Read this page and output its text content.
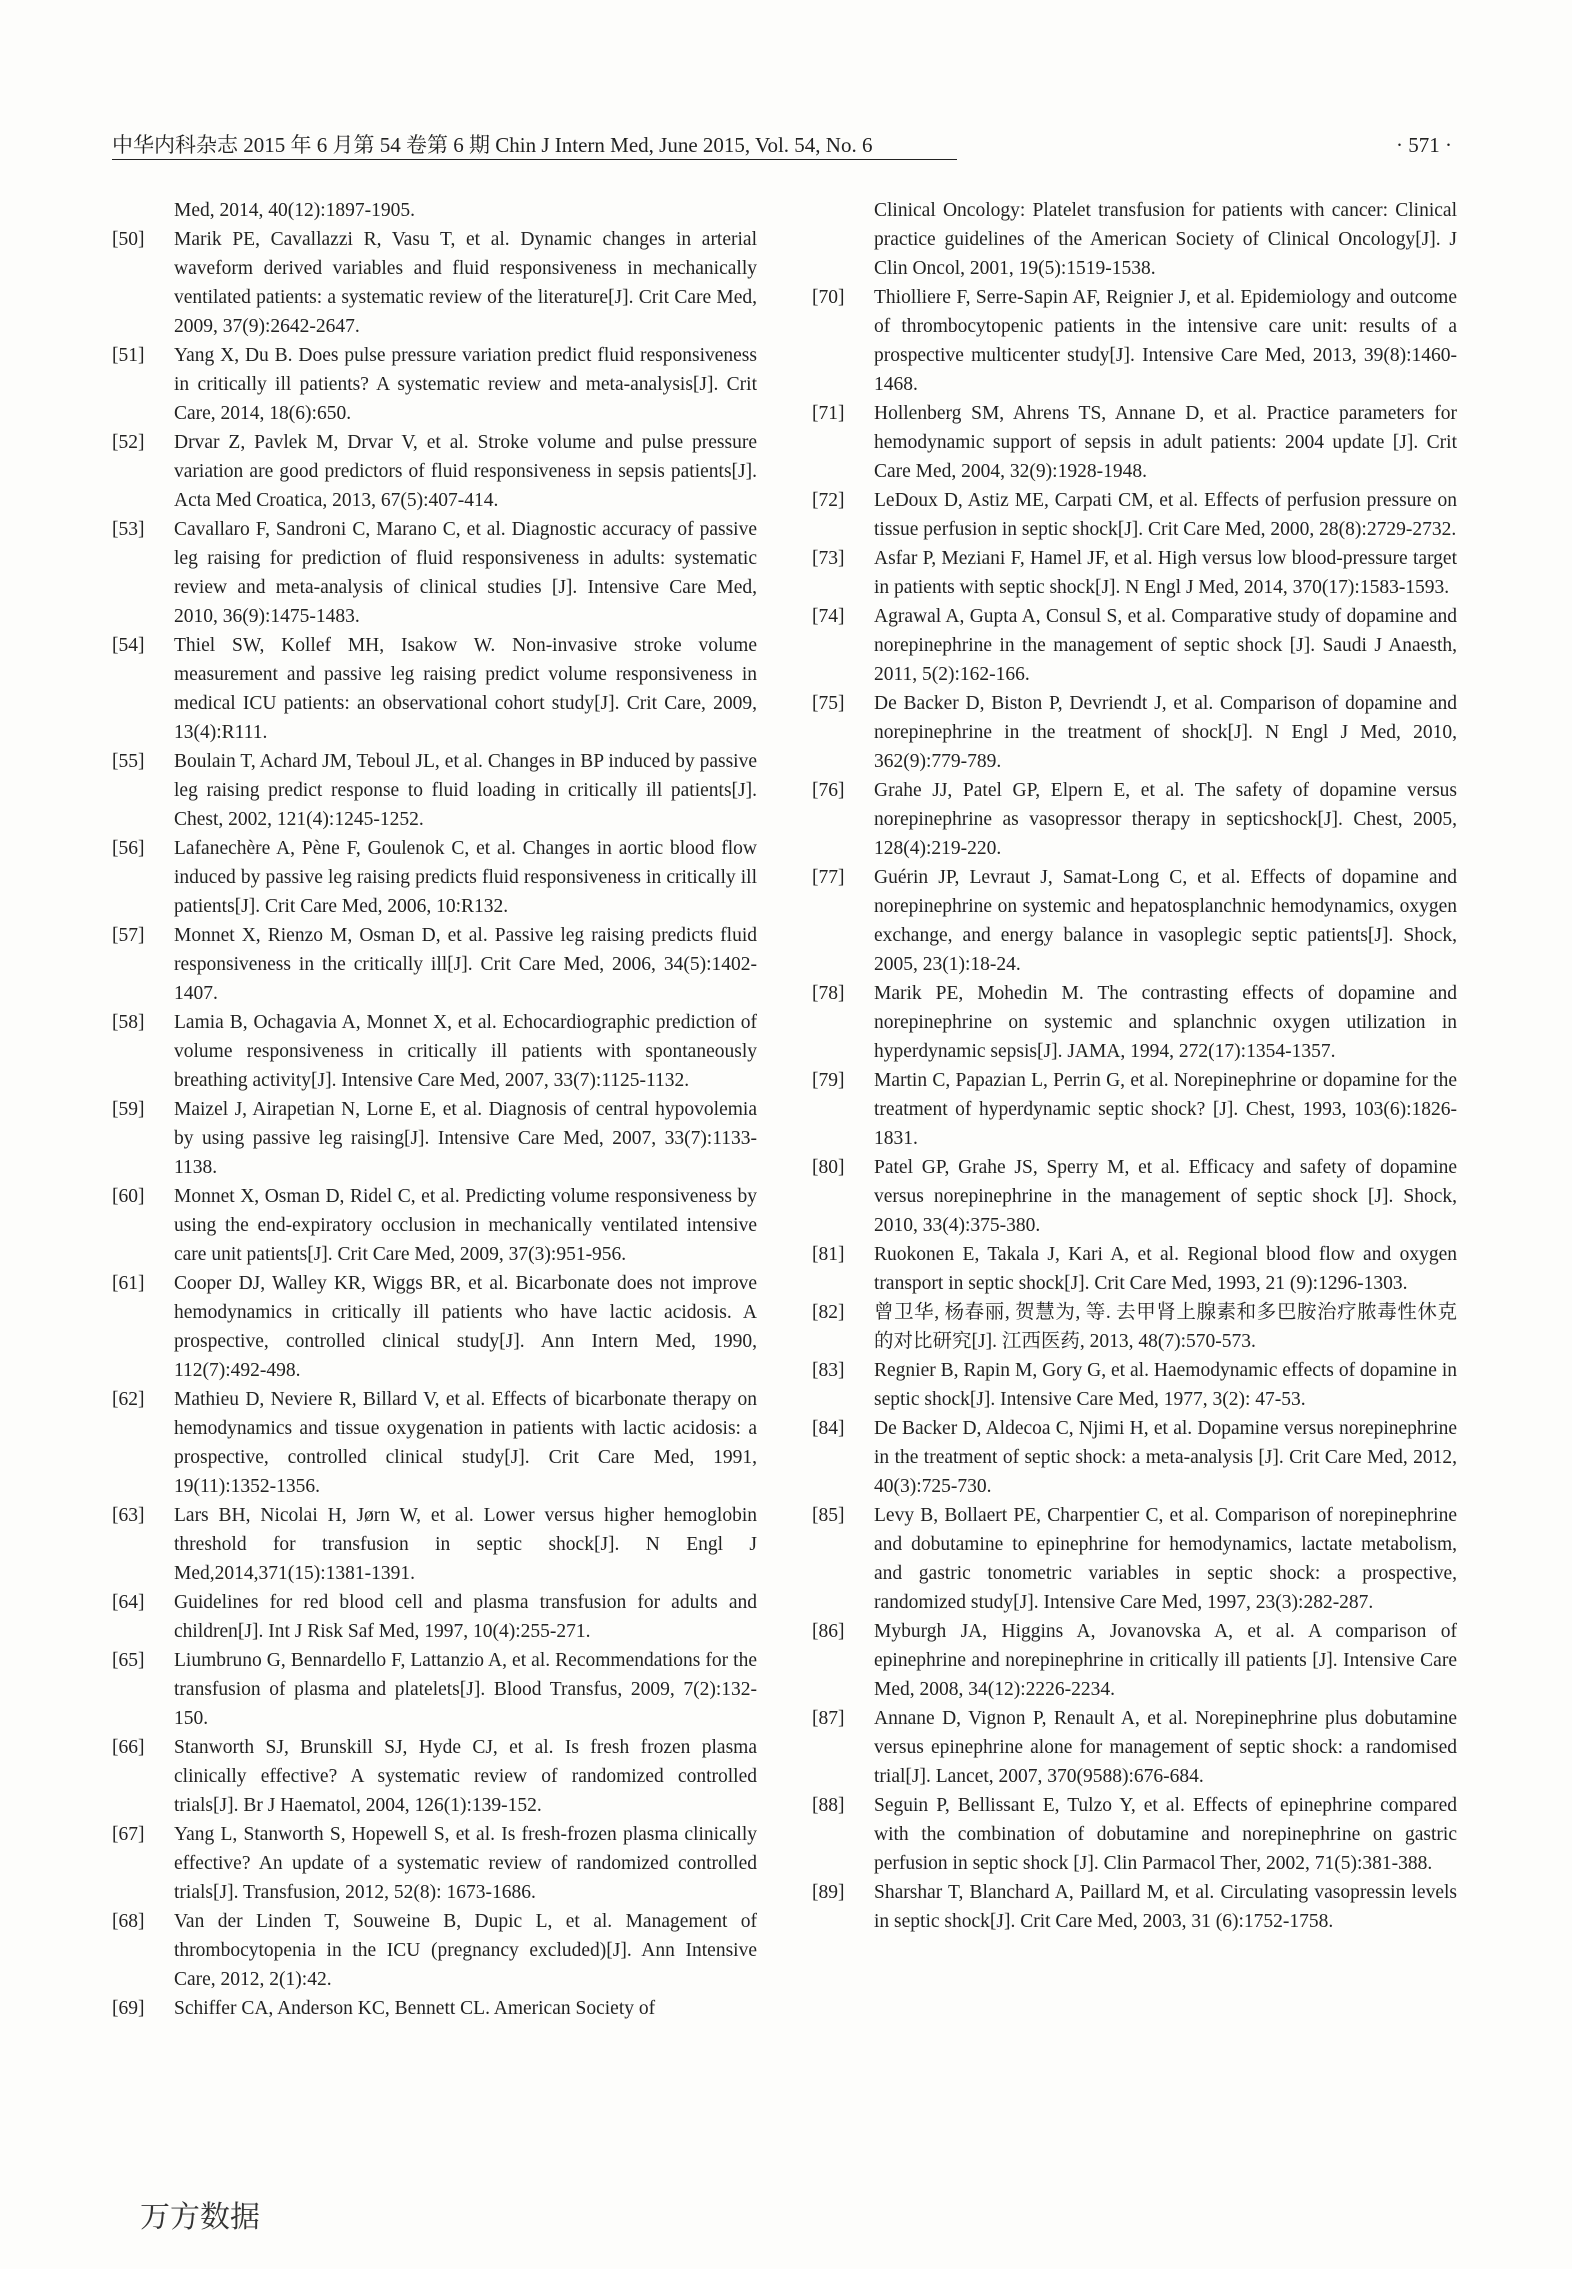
中华内科杂志 2015 年 6 月第 54 卷第 6 期 Chin J Intern Med, June 2015, Vol. 54, No. 6	· 571 ·
Med, 2014, 40(12):1897-1905.
[50]	Marik PE, Cavallazzi R, Vasu T, et al. Dynamic changes in arterial waveform derived variables and fluid responsiveness in mechanically ventilated patients: a systematic review of the literature[J]. Crit Care Med, 2009, 37(9):2642-2647.
[51]	Yang X, Du B. Does pulse pressure variation predict fluid responsiveness in critically ill patients? A systematic review and meta-analysis[J]. Crit Care, 2014, 18(6):650.
[52]	Drvar Z, Pavlek M, Drvar V, et al. Stroke volume and pulse pressure variation are good predictors of fluid responsiveness in sepsis patients[J]. Acta Med Croatica, 2013, 67(5):407-414.
[53]	Cavallaro F, Sandroni C, Marano C, et al. Diagnostic accuracy of passive leg raising for prediction of fluid responsiveness in adults: systematic review and meta-analysis of clinical studies [J]. Intensive Care Med, 2010, 36(9):1475-1483.
[54]	Thiel SW, Kollef MH, Isakow W. Non-invasive stroke volume measurement and passive leg raising predict volume responsiveness in medical ICU patients: an observational cohort study[J]. Crit Care, 2009, 13(4):R111.
[55]	Boulain T, Achard JM, Teboul JL, et al. Changes in BP induced by passive leg raising predict response to fluid loading in critically ill patients[J]. Chest, 2002, 121(4):1245-1252.
[56]	Lafanechère A, Pène F, Goulenok C, et al. Changes in aortic blood flow induced by passive leg raising predicts fluid responsiveness in critically ill patients[J]. Crit Care Med, 2006, 10:R132.
[57]	Monnet X, Rienzo M, Osman D, et al. Passive leg raising predicts fluid responsiveness in the critically ill[J]. Crit Care Med, 2006, 34(5):1402-1407.
[58]	Lamia B, Ochagavia A, Monnet X, et al. Echocardiographic prediction of volume responsiveness in critically ill patients with spontaneously breathing activity[J]. Intensive Care Med, 2007, 33(7):1125-1132.
[59]	Maizel J, Airapetian N, Lorne E, et al. Diagnosis of central hypovolemia by using passive leg raising[J]. Intensive Care Med, 2007, 33(7):1133-1138.
[60]	Monnet X, Osman D, Ridel C, et al. Predicting volume responsiveness by using the end-expiratory occlusion in mechanically ventilated intensive care unit patients[J]. Crit Care Med, 2009, 37(3):951-956.
[61]	Cooper DJ, Walley KR, Wiggs BR, et al. Bicarbonate does not improve hemodynamics in critically ill patients who have lactic acidosis. A prospective, controlled clinical study[J]. Ann Intern Med, 1990, 112(7):492-498.
[62]	Mathieu D, Neviere R, Billard V, et al. Effects of bicarbonate therapy on hemodynamics and tissue oxygenation in patients with lactic acidosis: a prospective, controlled clinical study[J]. Crit Care Med, 1991, 19(11):1352-1356.
[63]	Lars BH, Nicolai H, Jørn W, et al. Lower versus higher hemoglobin threshold for transfusion in septic shock[J]. N Engl J Med,2014,371(15):1381-1391.
[64]	Guidelines for red blood cell and plasma transfusion for adults and children[J]. Int J Risk Saf Med, 1997, 10(4):255-271.
[65]	Liumbruno G, Bennardello F, Lattanzio A, et al. Recommendations for the transfusion of plasma and platelets[J]. Blood Transfus, 2009, 7(2):132-150.
[66]	Stanworth SJ, Brunskill SJ, Hyde CJ, et al. Is fresh frozen plasma clinically effective? A systematic review of randomized controlled trials[J]. Br J Haematol, 2004, 126(1):139-152.
[67]	Yang L, Stanworth S, Hopewell S, et al. Is fresh-frozen plasma clinically effective? An update of a systematic review of randomized controlled trials[J]. Transfusion, 2012, 52(8): 1673-1686.
[68]	Van der Linden T, Souweine B, Dupic L, et al. Management of thrombocytopenia in the ICU (pregnancy excluded)[J]. Ann Intensive Care, 2012, 2(1):42.
[69]	Schiffer CA, Anderson KC, Bennett CL. American Society of
Clinical Oncology: Platelet transfusion for patients with cancer: Clinical practice guidelines of the American Society of Clinical Oncology[J]. J Clin Oncol, 2001, 19(5):1519-1538.
[70]	Thiolliere F, Serre-Sapin AF, Reignier J, et al. Epidemiology and outcome of thrombocytopenic patients in the intensive care unit: results of a prospective multicenter study[J]. Intensive Care Med, 2013, 39(8):1460-1468.
[71]	Hollenberg SM, Ahrens TS, Annane D, et al. Practice parameters for hemodynamic support of sepsis in adult patients: 2004 update [J]. Crit Care Med, 2004, 32(9):1928-1948.
[72]	LeDoux D, Astiz ME, Carpati CM, et al. Effects of perfusion pressure on tissue perfusion in septic shock[J]. Crit Care Med, 2000, 28(8):2729-2732.
[73]	Asfar P, Meziani F, Hamel JF, et al. High versus low blood-pressure target in patients with septic shock[J]. N Engl J Med, 2014, 370(17):1583-1593.
[74]	Agrawal A, Gupta A, Consul S, et al. Comparative study of dopamine and norepinephrine in the management of septic shock [J]. Saudi J Anaesth, 2011, 5(2):162-166.
[75]	De Backer D, Biston P, Devriendt J, et al. Comparison of dopamine and norepinephrine in the treatment of shock[J]. N Engl J Med, 2010, 362(9):779-789.
[76]	Grahe JJ, Patel GP, Elpern E, et al. The safety of dopamine versus norepinephrine as vasopressor therapy in septicshock[J]. Chest, 2005, 128(4):219-220.
[77]	Guérin JP, Levraut J, Samat-Long C, et al. Effects of dopamine and norepinephrine on systemic and hepatosplanchnic hemodynamics, oxygen exchange, and energy balance in vasoplegic septic patients[J]. Shock, 2005, 23(1):18-24.
[78]	Marik PE, Mohedin M. The contrasting effects of dopamine and norepinephrine on systemic and splanchnic oxygen utilization in hyperdynamic sepsis[J]. JAMA, 1994, 272(17):1354-1357.
[79]	Martin C, Papazian L, Perrin G, et al. Norepinephrine or dopamine for the treatment of hyperdynamic septic shock? [J]. Chest, 1993, 103(6):1826-1831.
[80]	Patel GP, Grahe JS, Sperry M, et al. Efficacy and safety of dopamine versus norepinephrine in the management of septic shock [J]. Shock, 2010, 33(4):375-380.
[81]	Ruokonen E, Takala J, Kari A, et al. Regional blood flow and oxygen transport in septic shock[J]. Crit Care Med, 1993, 21 (9):1296-1303.
[82]	曾卫华, 杨春丽, 贺慧为, 等. 去甲肾上腺素和多巴胺治疗脓毒性休克的对比研究[J]. 江西医药, 2013, 48(7):570-573.
[83]	Regnier B, Rapin M, Gory G, et al. Haemodynamic effects of dopamine in septic shock[J]. Intensive Care Med, 1977, 3(2): 47-53.
[84]	De Backer D, Aldecoa C, Njimi H, et al. Dopamine versus norepinephrine in the treatment of septic shock: a meta-analysis [J]. Crit Care Med, 2012, 40(3):725-730.
[85]	Levy B, Bollaert PE, Charpentier C, et al. Comparison of norepinephrine and dobutamine to epinephrine for hemodynamics, lactate metabolism, and gastric tonometric variables in septic shock: a prospective, randomized study[J]. Intensive Care Med, 1997, 23(3):282-287.
[86]	Myburgh JA, Higgins A, Jovanovska A, et al. A comparison of epinephrine and norepinephrine in critically ill patients [J]. Intensive Care Med, 2008, 34(12):2226-2234.
[87]	Annane D, Vignon P, Renault A, et al. Norepinephrine plus dobutamine versus epinephrine alone for management of septic shock: a randomised trial[J]. Lancet, 2007, 370(9588):676-684.
[88]	Seguin P, Bellissant E, Tulzo Y, et al. Effects of epinephrine compared with the combination of dobutamine and norepinephrine on gastric perfusion in septic shock [J]. Clin Parmacol Ther, 2002, 71(5):381-388.
[89]	Sharshar T, Blanchard A, Paillard M, et al. Circulating vasopressin levels in septic shock[J]. Crit Care Med, 2003, 31 (6):1752-1758.
万方数据
